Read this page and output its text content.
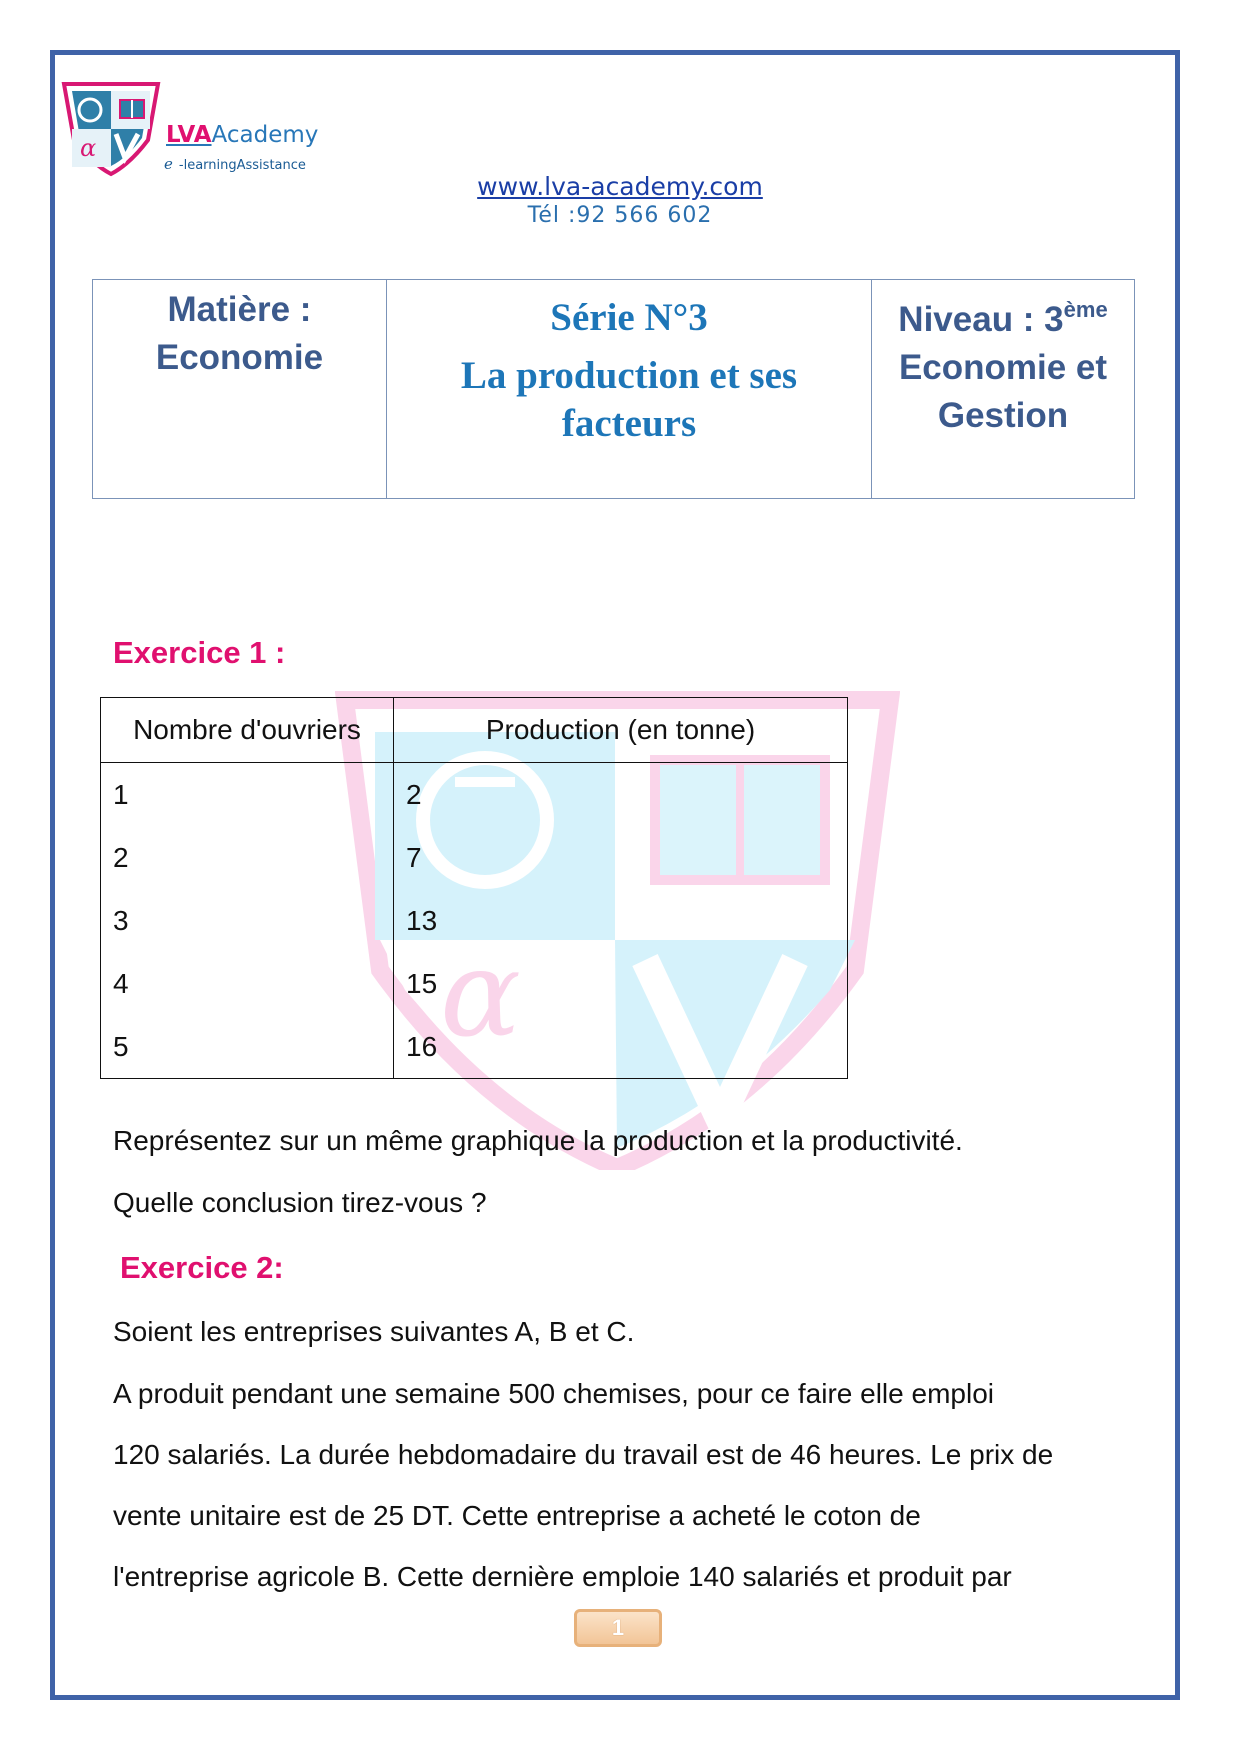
α	LVAAcademy
e -learningAssistance
www.lva-academy.com
Tél :92 566 602
Matière :
Economie
Série N°3
La production et ses
facteurs
Niveau : 3ème
Economie et
Gestion
α
Exercice 1 :
Nombre d'ouvriers	Production (en tonne)
1	2
2	7
3	13
4	15
5	16
Représentez sur un même graphique la production et la productivité.
Quelle conclusion tirez-vous ?
Exercice 2:
Soient les entreprises suivantes A, B et C.
A produit pendant une semaine 500 chemises, pour ce faire elle emploi
120 salariés. La durée hebdomadaire du travail est de 46 heures. Le prix de
vente unitaire est de 25 DT. Cette entreprise a acheté le coton de
l'entreprise agricole B. Cette dernière emploie 140 salariés et produit par
1
